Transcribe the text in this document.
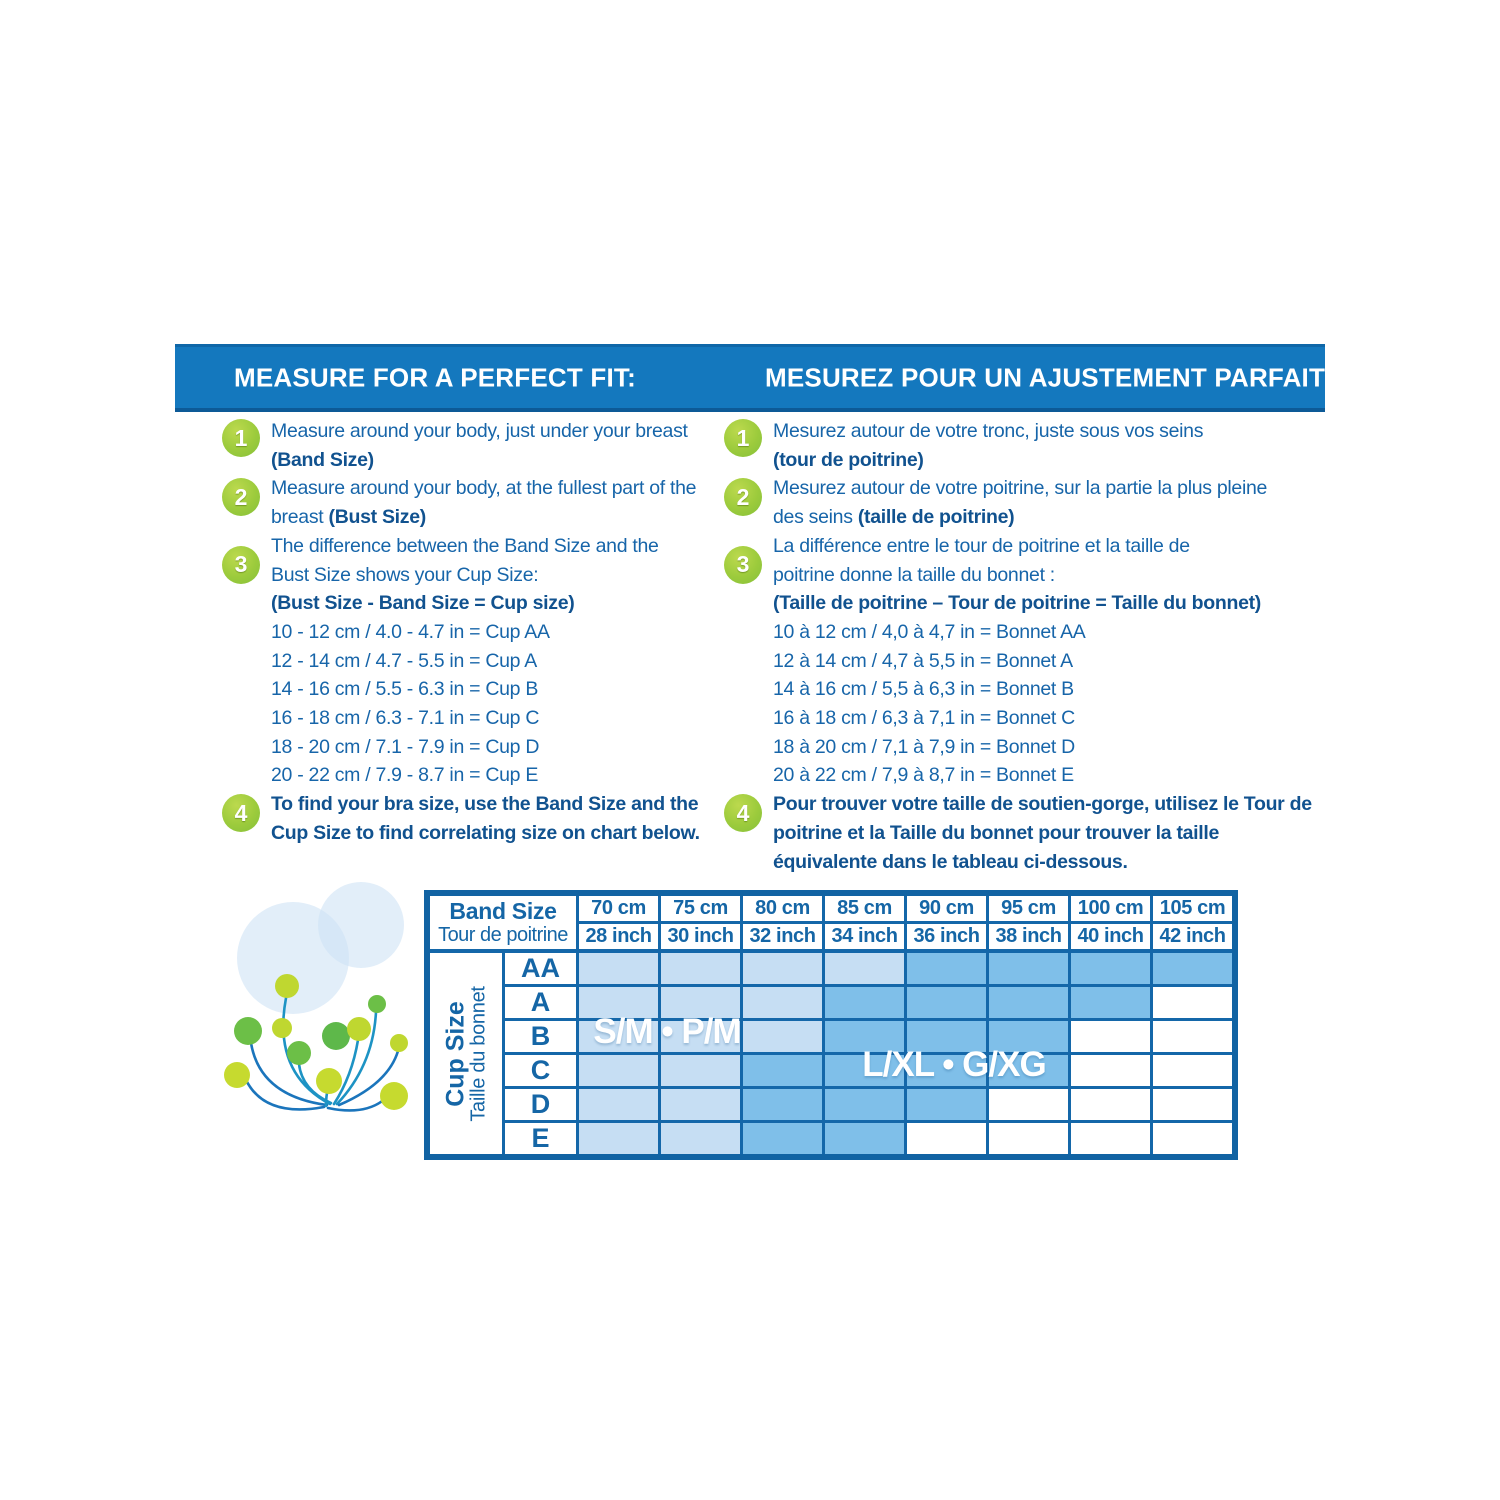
MEASURE FOR A PERFECT FIT:	MESUREZ POUR UN AJUSTEMENT PARFAIT :
1	Measure around your body, just under your breast
(Band Size)
2	Measure around your body, at the fullest part of the
breast (Bust Size)
3
The difference between the Band Size and the
Bust Size shows your Cup Size:
(Bust Size - Band Size = Cup size)
10 - 12 cm / 4.0 - 4.7 in = Cup AA
12 - 14 cm / 4.7 - 5.5 in = Cup A
14 - 16 cm / 5.5 - 6.3 in = Cup B
16 - 18 cm / 6.3 - 7.1 in = Cup C
18 - 20 cm / 7.1 - 7.9 in = Cup D
20 - 22 cm / 7.9 - 8.7 in = Cup E
4	To find your bra size, use the Band Size and the
Cup Size to find correlating size on chart below.
1	Mesurez autour de votre tronc, juste sous vos seins
(tour de poitrine)
2	Mesurez autour de votre poitrine, sur la partie la plus pleine
des seins (taille de poitrine)
3
La différence entre le tour de poitrine et la taille de
poitrine donne la taille du bonnet :
(Taille de poitrine – Tour de poitrine = Taille du bonnet)
10 à 12 cm / 4,0 à 4,7 in = Bonnet AA
12 à 14 cm / 4,7 à 5,5 in = Bonnet A
14 à 16 cm / 5,5 à 6,3 in = Bonnet B
16 à 18 cm / 6,3 à 7,1 in = Bonnet C
18 à 20 cm / 7,1 à 7,9 in = Bonnet D
20 à 22 cm / 7,9 à 8,7 in = Bonnet E
4	Pour trouver votre taille de soutien-gorge, utilisez le Tour de
poitrine et la Taille du bonnet pour trouver la taille
équivalente dans le tableau ci-dessous.
Band Size
Tour de poitrine
70 cm	75 cm	80 cm	85 cm	90 cm	95 cm	100 cm 105 cm
28 inch 30 inch 32 inch 34 inch 36 inch 38 inch 40 inch 42 inch
Cup Size
Taille du bonnet
AA
A
B
C
D
E
S/M • P/M
L/XL • G/XG
